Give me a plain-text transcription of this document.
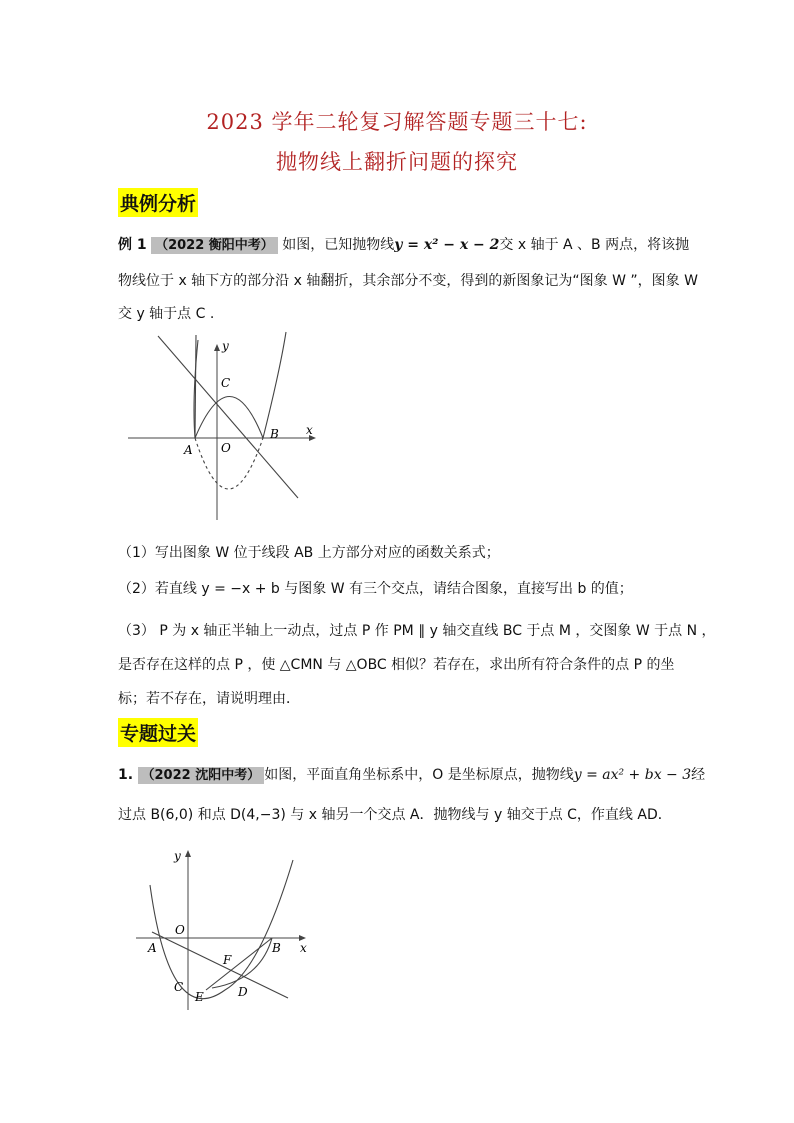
2023 学年二轮复习解答题专题三十七:
抛物线上翻折问题的探究
典例分析
例 1 （2022 衡阳中考） 如图，已知抛物线y = x² − x − 2交 x 轴于 A 、B 两点，将该抛
物线位于 x 轴下方的部分沿 x 轴翻折，其余部分不变，得到的新图象记为“图象 W ”，图象 W
交 y 轴于点 C .
y
x
C
A O
B
（1）写出图象 W 位于线段 AB 上方部分对应的函数关系式；
（2）若直线 y = −x + b 与图象 W 有三个交点，请结合图象，直接写出 b 的值；
（3） P 为 x 轴正半轴上一动点，过点 P 作 PM ∥ y 轴交直线 BC 于点 M ，交图象 W 于点 N ，
是否存在这样的点 P ，使 △CMN 与 △OBC 相似？若存在，求出所有符合条件的点 P 的坐
标；若不存在，请说明理由．
专题过关
1. （2022 沈阳中考） 如图，平面直角坐标系中，O 是坐标原点，抛物线y = ax² + bx − 3经
过点 B(6,0) 和点 D(4,−3) 与 x 轴另一个交点 A．抛物线与 y 轴交于点 C，作直线 AD．
y
O
A	B x
F
C	D
E
